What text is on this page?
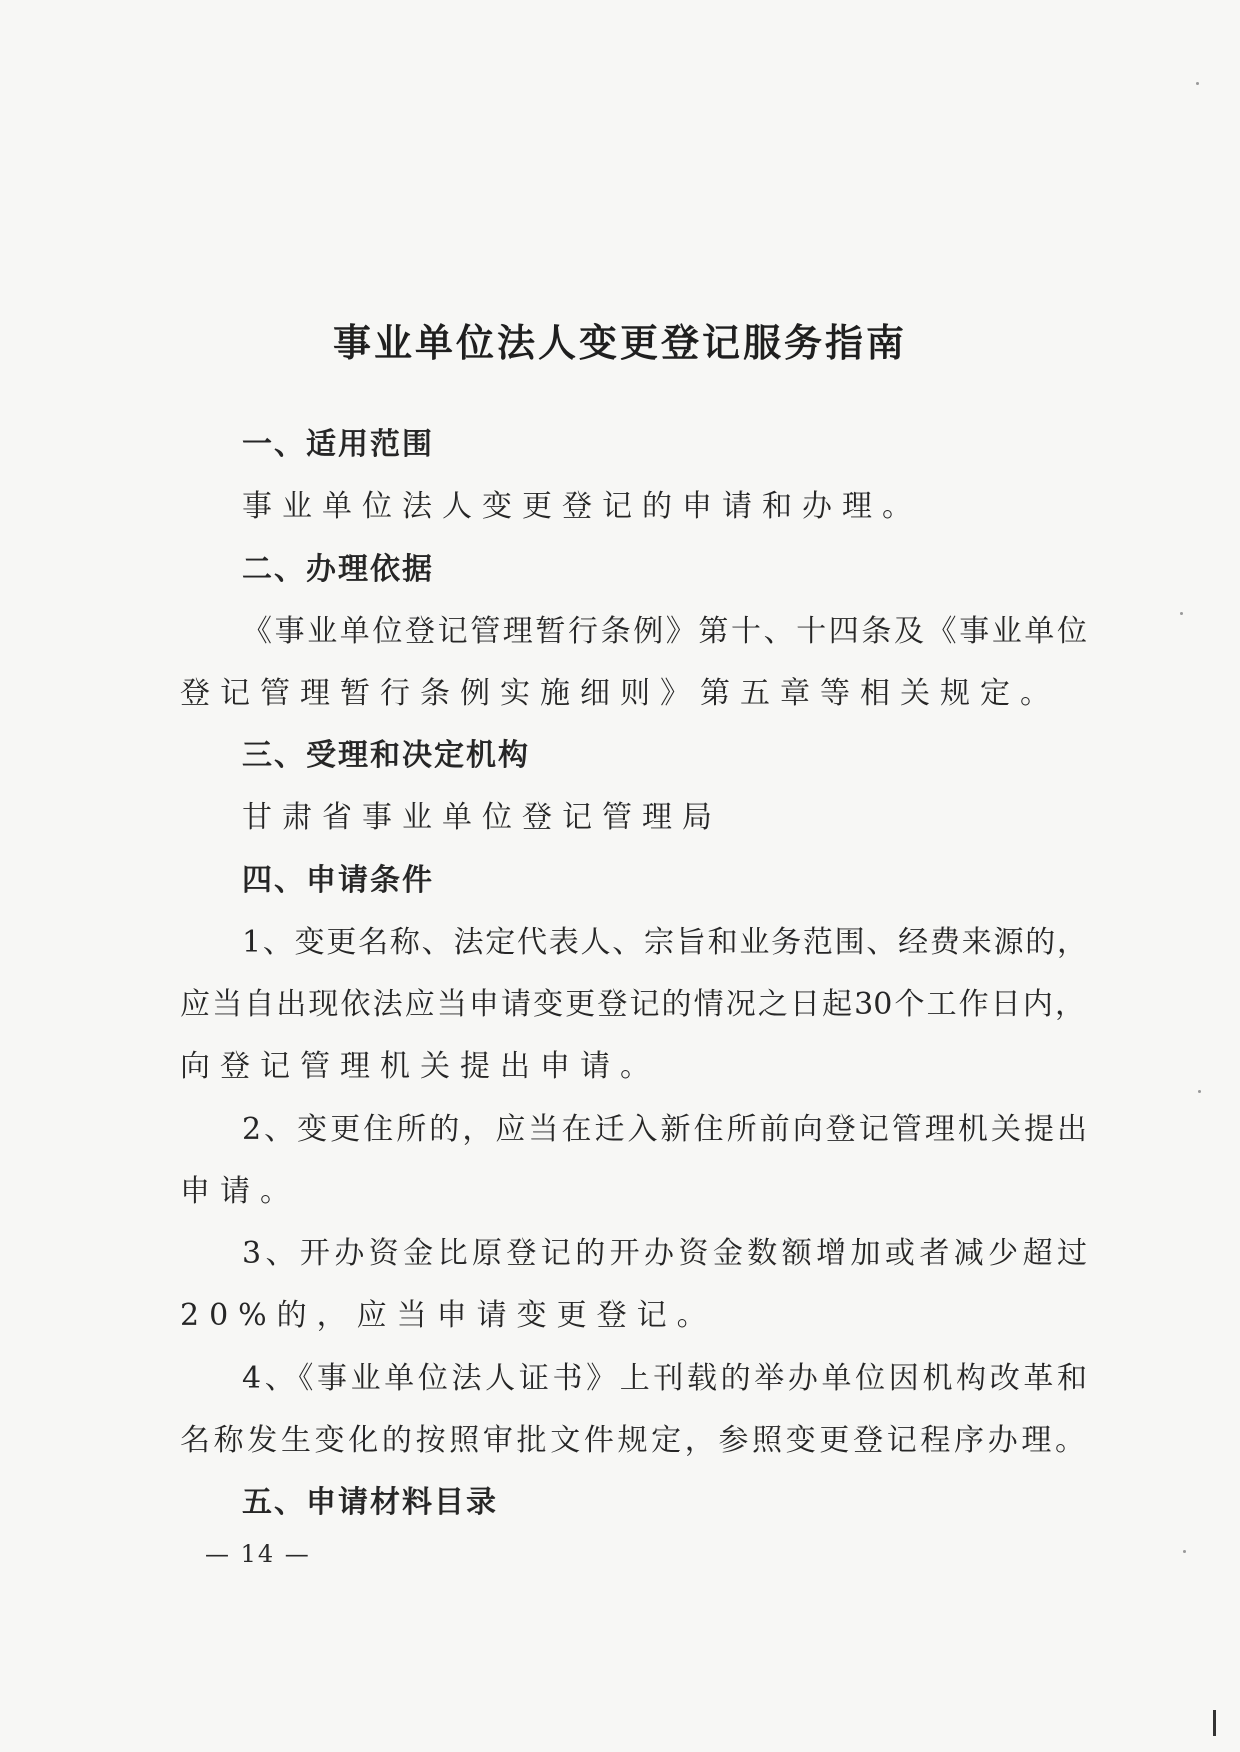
事业单位法人变更登记服务指南
一、适用范围
事业单位法人变更登记的申请和办理。
二、办理依据
《事业单位登记管理暂行条例》第十、十四条及《事业单位
登记管理暂行条例实施细则》第五章等相关规定。
三、受理和决定机构
甘肃省事业单位登记管理局
四、申请条件
1、变更名称、法定代表人、宗旨和业务范围、经费来源的，
应当自出现依法应当申请变更登记的情况之日起30个工作日内，
向登记管理机关提出申请。
2、变更住所的，应当在迁入新住所前向登记管理机关提出
申请。
3、开办资金比原登记的开办资金数额增加或者减少超过
20%的，应当申请变更登记。
4、《事业单位法人证书》上刊载的举办单位因机构改革和
名称发生变化的按照审批文件规定，参照变更登记程序办理。
五、申请材料目录
— 14 —
